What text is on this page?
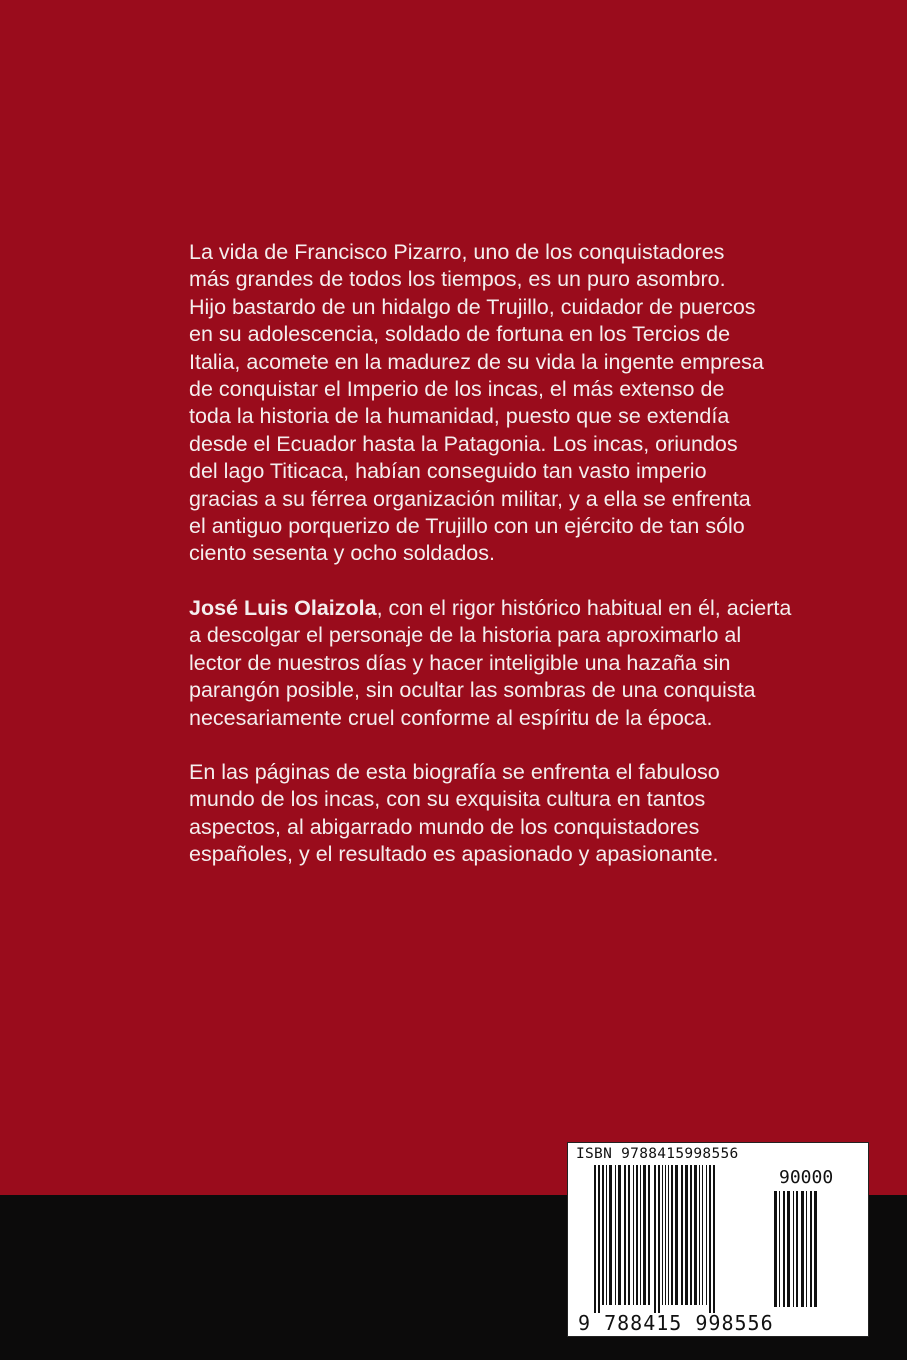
La vida de Francisco Pizarro, uno de los conquistadores
más grandes de todos los tiempos, es un puro asombro.
Hijo bastardo de un hidalgo de Trujillo, cuidador de puercos
en su adolescencia, soldado de fortuna en los Tercios de
Italia, acomete en la madurez de su vida la ingente empresa
de conquistar el Imperio de los incas, el más extenso de
toda la historia de la humanidad, puesto que se extendía
desde el Ecuador hasta la Patagonia. Los incas, oriundos
del lago Titicaca, habían conseguido tan vasto imperio
gracias a su férrea organización militar, y a ella se enfrenta
el antiguo porquerizo de Trujillo con un ejército de tan sólo
ciento sesenta y ocho soldados.

José Luis Olaizola, con el rigor histórico habitual en él, acierta
a descolgar el personaje de la historia para aproximarlo al
lector de nuestros días y hacer inteligible una hazaña sin
parangón posible, sin ocultar las sombras de una conquista
necesariamente cruel conforme al espíritu de la época.

En las páginas de esta biografía se enfrenta el fabuloso
mundo de los incas, con su exquisita cultura en tantos
aspectos, al abigarrado mundo de los conquistadores
españoles, y el resultado es apasionado y apasionante.

ISBN 9788415998556
90000
9 788415 998556
